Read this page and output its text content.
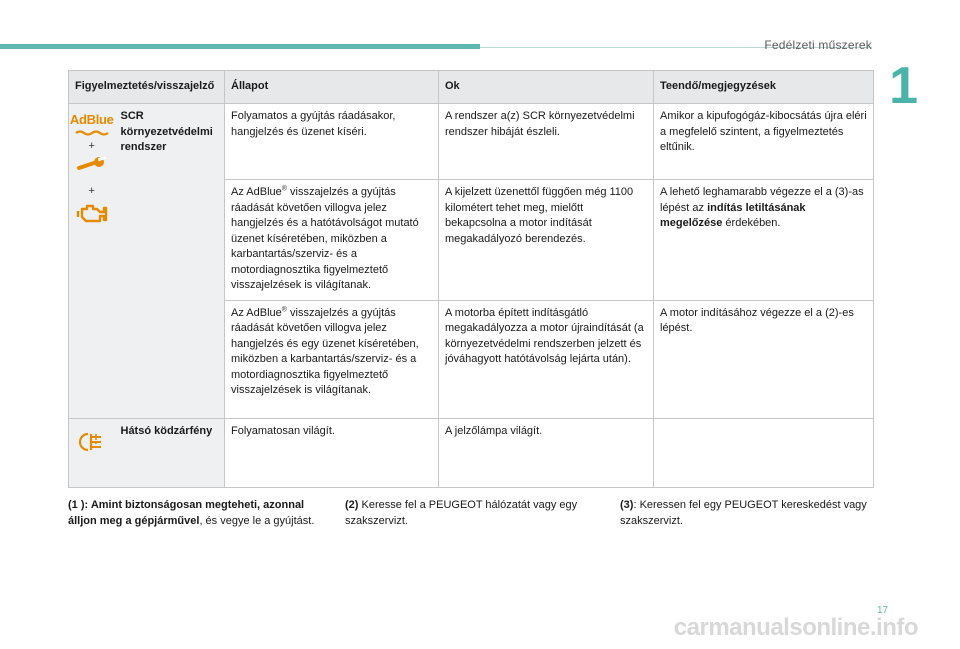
Fedélzeti műszerek
1
Figyelmeztetés/visszajelző		Állapot	Ok	Teendő/megjegyzések

AdBlue
+
+	SCR környezetvédelmi rendszer	Folyamatos a gyújtás ráadásakor, hangjelzés és üzenet kíséri.	A rendszer a(z) SCR környezetvédelmi rendszer hibáját észleli.	Amikor a kipufogógáz-kibocsátás újra eléri a megfelelő szintent, a figyelmeztetés eltűnik.
		Az AdBlue® visszajelzés a gyújtás ráadását követően villogva jelez hangjelzés és a hatótávolságot mutató üzenet kíséretében, miközben a karbantartás/szerviz- és a motordiagnosztika figyelmeztető visszajelzések is világítanak.	A kijelzett üzenettől függően még 1100 kilométert tehet meg, mielőtt bekapcsolna a motor indítását megakadályozó berendezés.	A lehető leghamarabb végezze el a (3)-as lépést az indítás letiltásának megelőzése érdekében.
		Az AdBlue® visszajelzés a gyújtás ráadását követően villogva jelez hangjelzés és egy üzenet kíséretében, miközben a karbantartás/szerviz- és a motordiagnosztika figyelmeztető visszajelzések is világítanak.	A motorba épített indításgátló megakadályozza a motor újraindítását (a környezetvédelmi rendszerben jelzett és jóváhagyott hatótávolság lejárta után).	A motor indításához végezze el a (2)-es lépést.
	Hátsó ködzárfény	Folyamatosan világít.	A jelzőlámpa világít.	
(1 ): Amint biztonságosan megteheti, azonnal álljon meg a gépjárművel, és vegye le a gyújtást.
(2) Keresse fel a PEUGEOT hálózatát vagy egy szakszervizt.
(3): Keressen fel egy PEUGEOT kereskedést vagy szakszervizt.
17
carmanualsonline.info
